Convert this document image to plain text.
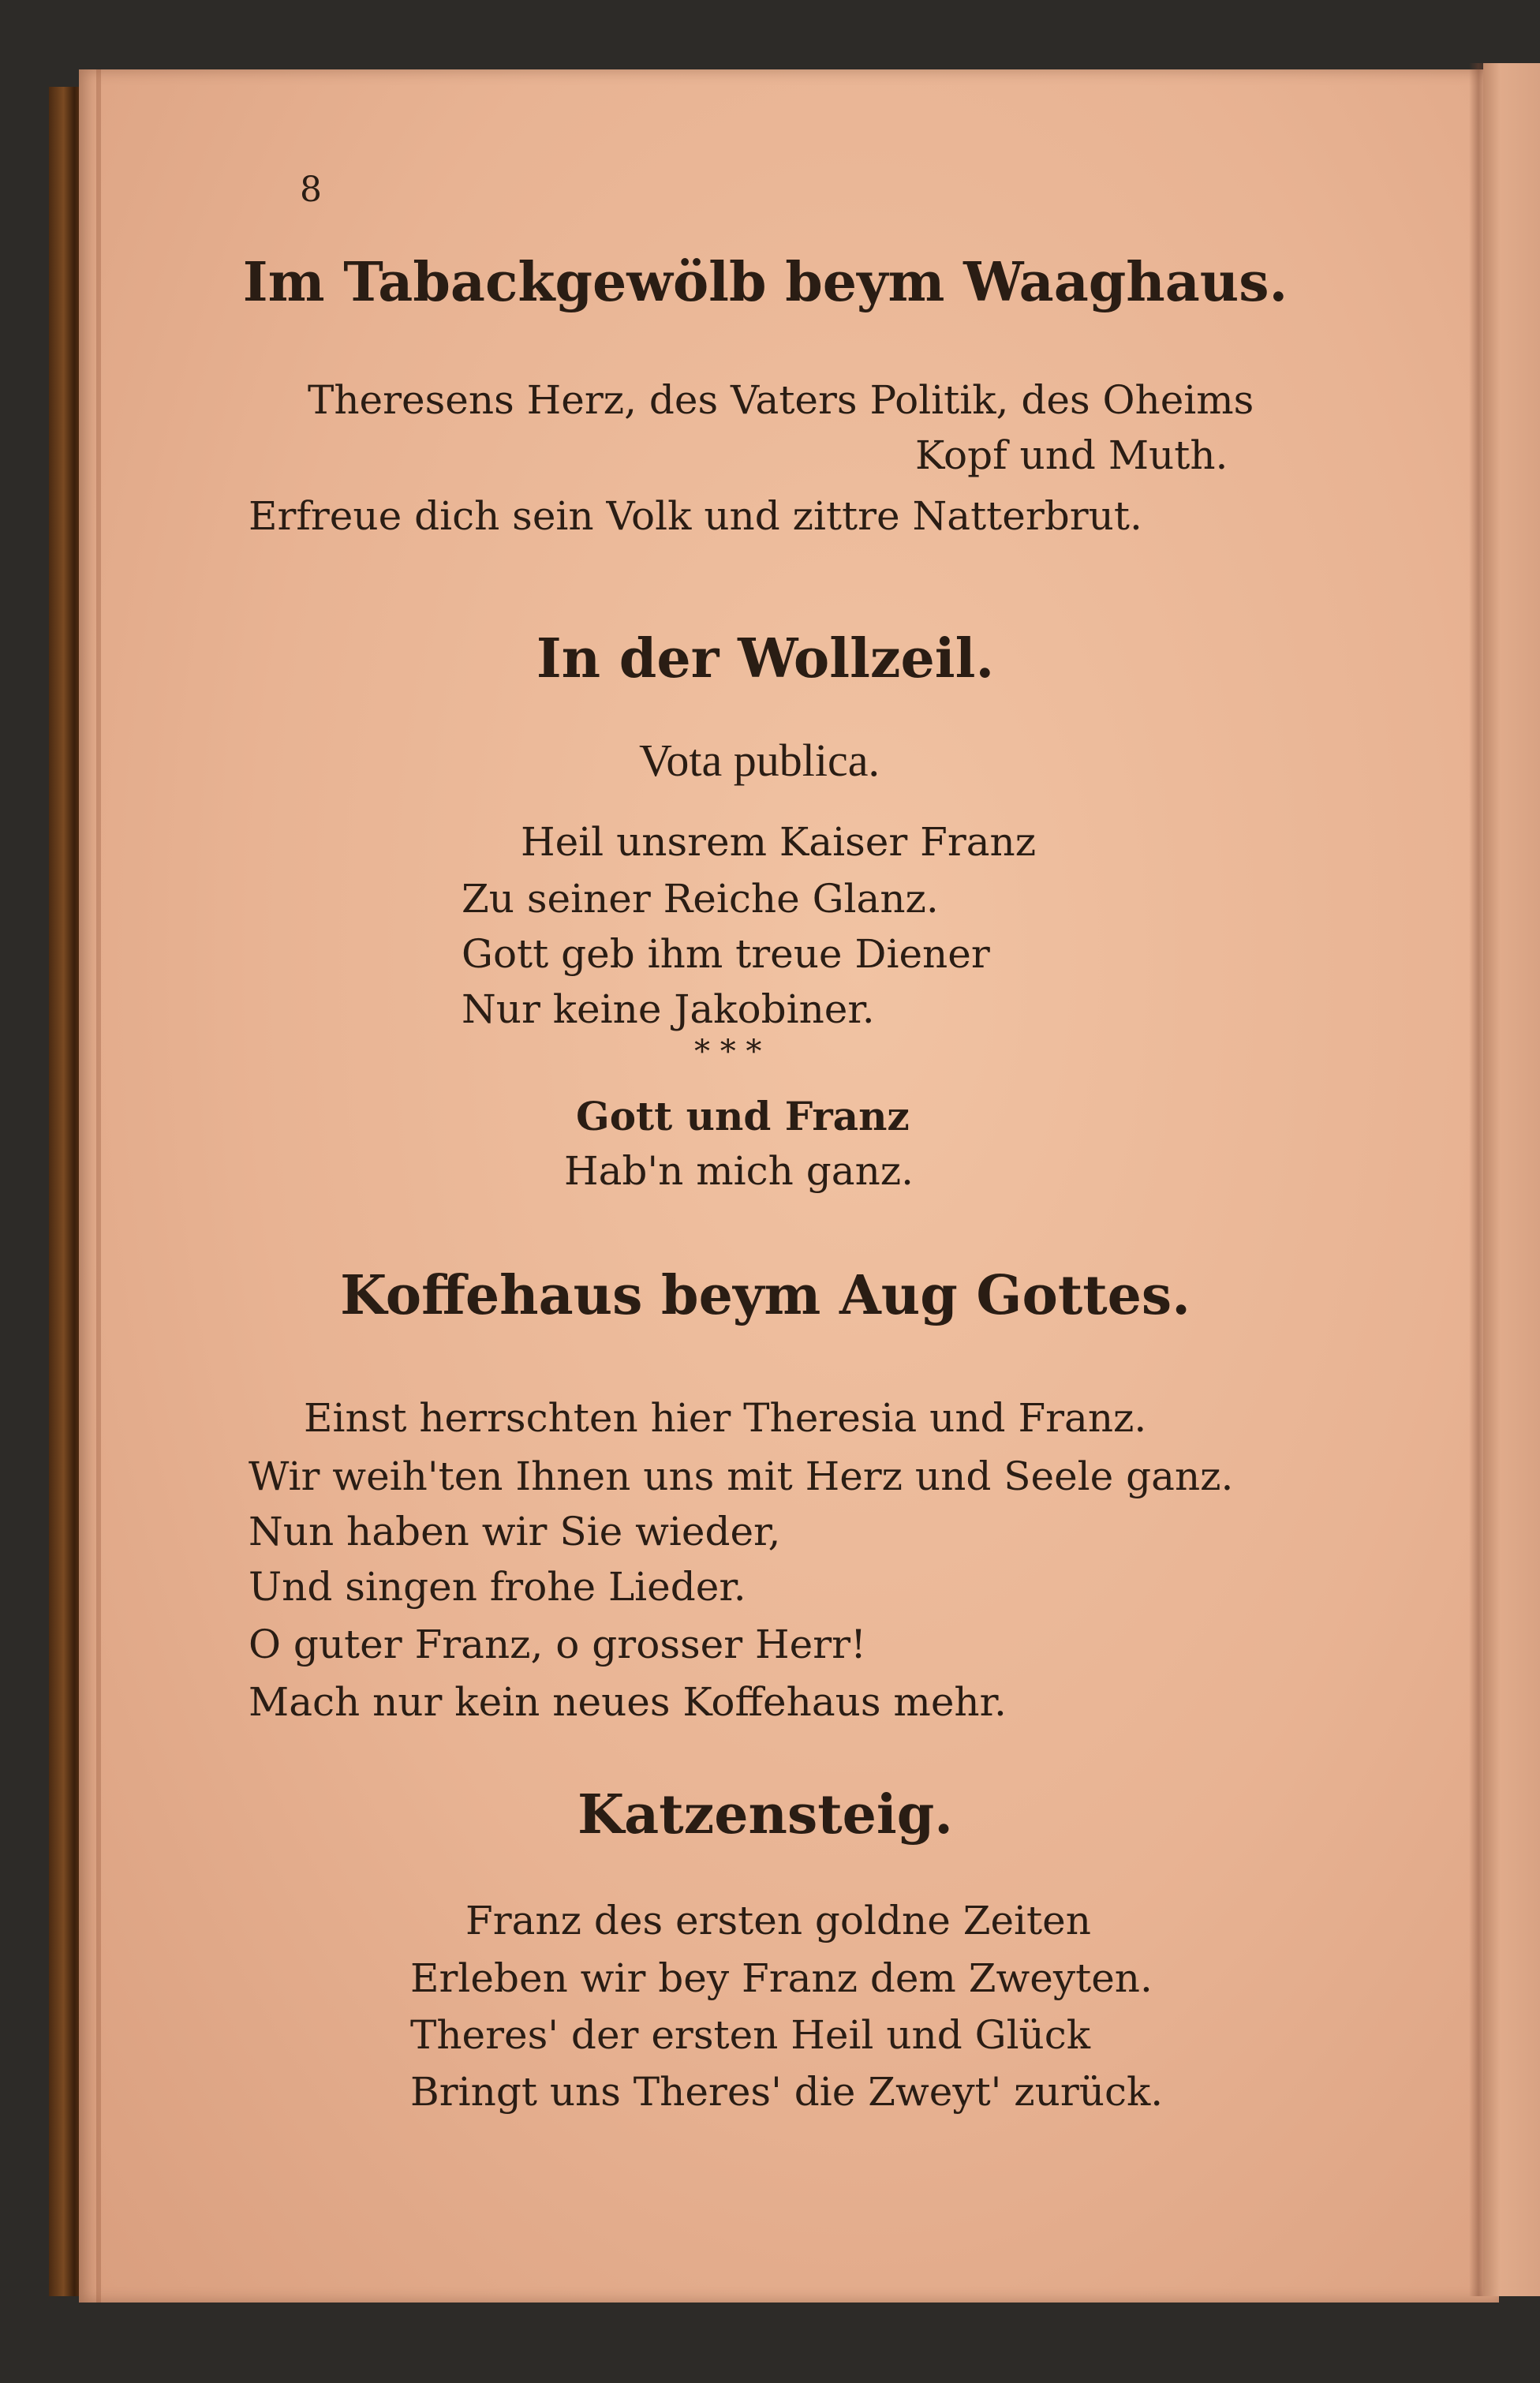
8
Im Tabackgewölb beym Waaghaus.
Theresens Herz, des Vaters Politik, des Oheims
Kopf und Muth.
Erfreue dich sein Volk und zittre Natterbrut.
In der Wollzeil.
Vota publica.
Heil unsrem Kaiser Franz
Zu seiner Reiche Glanz.
Gott geb ihm treue Diener
Nur keine Jakobiner.
* * *
Gott und Franz
Hab'n mich ganz.
Koffehaus beym Aug Gottes.
Einst herrschten hier Theresia und Franz.
Wir weih'ten Ihnen uns mit Herz und Seele ganz.
Nun haben wir Sie wieder,
Und singen frohe Lieder.
O guter Franz, o grosser Herr!
Mach nur kein neues Koffehaus mehr.
Katzensteig.
Franz des ersten goldne Zeiten
Erleben wir bey Franz dem Zweyten.
Theres' der ersten Heil und Glück
Bringt uns Theres' die Zweyt' zurück.
